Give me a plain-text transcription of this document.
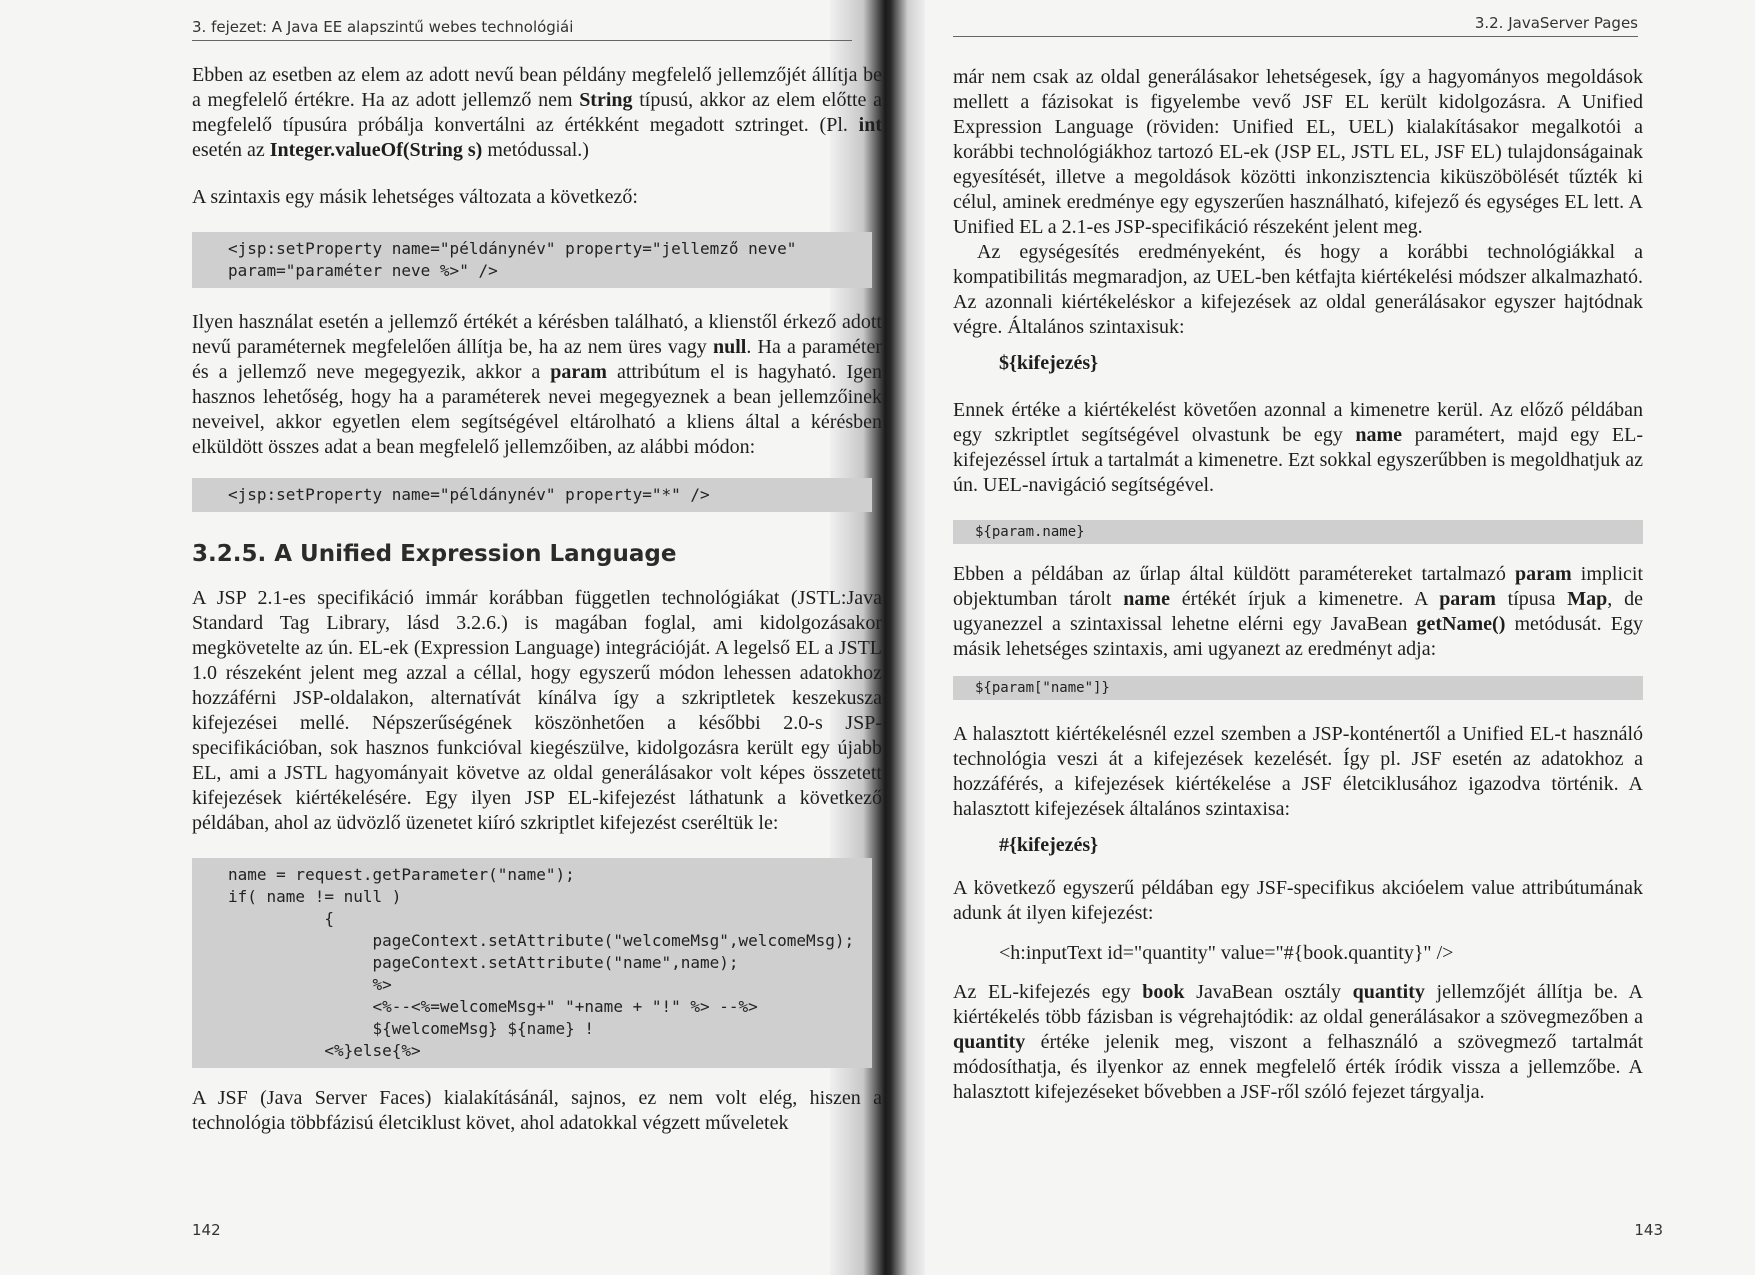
3. fejezet: A Java EE alapszintű webes technológiái

Ebben az esetben az elem az adott nevű bean példány megfelelő jellemzőjét állítja be a megfelelő értékre. Ha az adott jellemző nem String típusú, akkor az elem előtte a megfelelő típusúra próbálja konvertálni az értékként megadott sztringet. (Pl. int esetén az Integer.valueOf(String s) metódussal.)

A szintaxis egy másik lehetséges változata a következő:

<jsp:setProperty name="példánynév" property="jellemző neve"
param="paraméter neve %>" />

Ilyen használat esetén a jellemző értékét a kérésben található, a klienstől érkező adott nevű paraméternek megfelelően állítja be, ha az nem üres vagy null. Ha a paraméter és a jellemző neve megegyezik, akkor a param attribútum el is hagyható. Igen hasznos lehetőség, hogy ha a paraméterek nevei megegyeznek a bean jellemzőinek neveivel, akkor egyetlen elem segítségével eltárolható a kliens által a kérésben elküldött összes adat a bean megfelelő jellemzőiben, az alábbi módon:

<jsp:setProperty name="példánynév" property="*" />
3.2.5. A Unified Expression Language

A JSP 2.1-es specifikáció immár korábban független technológiákat (JSTL:Java Standard Tag Library, lásd 3.2.6.) is magában foglal, ami kidolgozásakor megkövetelte az ún. EL-ek (Expression Language) integrációját. A legelső EL a JSTL 1.0 részeként jelent meg azzal a céllal, hogy egyszerű módon lehessen adatokhoz hozzáférni JSP-oldalakon, alternatívát kínálva így a szkriptletek keszekusza kifejezései mellé. Népszerűségének köszönhetően a későbbi 2.0-s JSP-specifikációban, sok hasznos funkcióval kiegészülve, kidolgozásra került egy újabb EL, ami a JSTL hagyományait követve az oldal generálásakor volt képes összetett kifejezések kiértékelésére. Egy ilyen JSP EL-kifejezést láthatunk a következő példában, ahol az üdvözlő üzenetet kiíró szkriptlet kifejezést cseréltük le:

name = request.getParameter("name");
if( name != null )
{
pageContext.setAttribute("welcomeMsg",welcomeMsg);
pageContext.setAttribute("name",name);
%>
<%--<%=welcomeMsg+" "+name + "!" %> --%>
${welcomeMsg} ${name} !
<%}else{%>

A JSF (Java Server Faces) kialakításánál, sajnos, ez nem volt elég, hiszen a technológia többfázisú életciklust követ, ahol adatokkal végzett műveletek

142
3.2. JavaServer Pages

már nem csak az oldal generálásakor lehetségesek, így a hagyományos megoldások mellett a fázisokat is figyelembe vevő JSF EL került kidolgozásra. A Unified Expression Language (röviden: Unified EL, UEL) kialakításakor megalkotói a korábbi technológiákhoz tartozó EL-ek (JSP EL, JSTL EL, JSF EL) tulajdonságainak egyesítését, illetve a megoldások közötti inkonzisztencia kiküszöbölését tűzték ki célul, aminek eredménye egy egyszerűen használható, kifejező és egységes EL lett. A Unified EL a 2.1-es JSP-specifikáció részeként jelent meg.

Az egységesítés eredményeként, és hogy a korábbi technológiákkal a kompatibilitás megmaradjon, az UEL-ben kétfajta kiértékelési módszer alkalmazható. Az azonnali kiértékeléskor a kifejezések az oldal generálásakor egyszer hajtódnak végre. Általános szintaxisuk:

${kifejezés}

Ennek értéke a kiértékelést követően azonnal a kimenetre kerül. Az előző példában egy szkriptlet segítségével olvastunk be egy name paramétert, majd egy EL-kifejezéssel írtuk a tartalmát a kimenetre. Ezt sokkal egyszerűbben is megoldhatjuk az ún. UEL-navigáció segítségével.

${param.name}

Ebben a példában az űrlap által küldött paramétereket tartalmazó param implicit objektumban tárolt name értékét írjuk a kimenetre. A param típusa Map, de ugyanezzel a szintaxissal lehetne elérni egy JavaBean getName() metódusát. Egy másik lehetséges szintaxis, ami ugyanezt az eredményt adja:

${param["name"]}

A halasztott kiértékelésnél ezzel szemben a JSP-konténertől a Unified EL-t használó technológia veszi át a kifejezések kezelését. Így pl. JSF esetén az adatokhoz a hozzáférés, a kifejezések kiértékelése a JSF életciklusához igazodva történik. A halasztott kifejezések általános szintaxisa:

#{kifejezés}

A következő egyszerű példában egy JSF-specifikus akcióelem value attribútumának adunk át ilyen kifejezést:

<h:inputText id="quantity" value="#{book.quantity}" />

Az EL-kifejezés egy book JavaBean osztály quantity jellemzőjét állítja be. A kiértékelés több fázisban is végrehajtódik: az oldal generálásakor a szövegmezőben a quantity értéke jelenik meg, viszont a felhasználó a szövegmező tartalmát módosíthatja, és ilyenkor az ennek megfelelő érték íródik vissza a jellemzőbe. A halasztott kifejezéseket bővebben a JSF-ről szóló fejezet tárgyalja.

143
